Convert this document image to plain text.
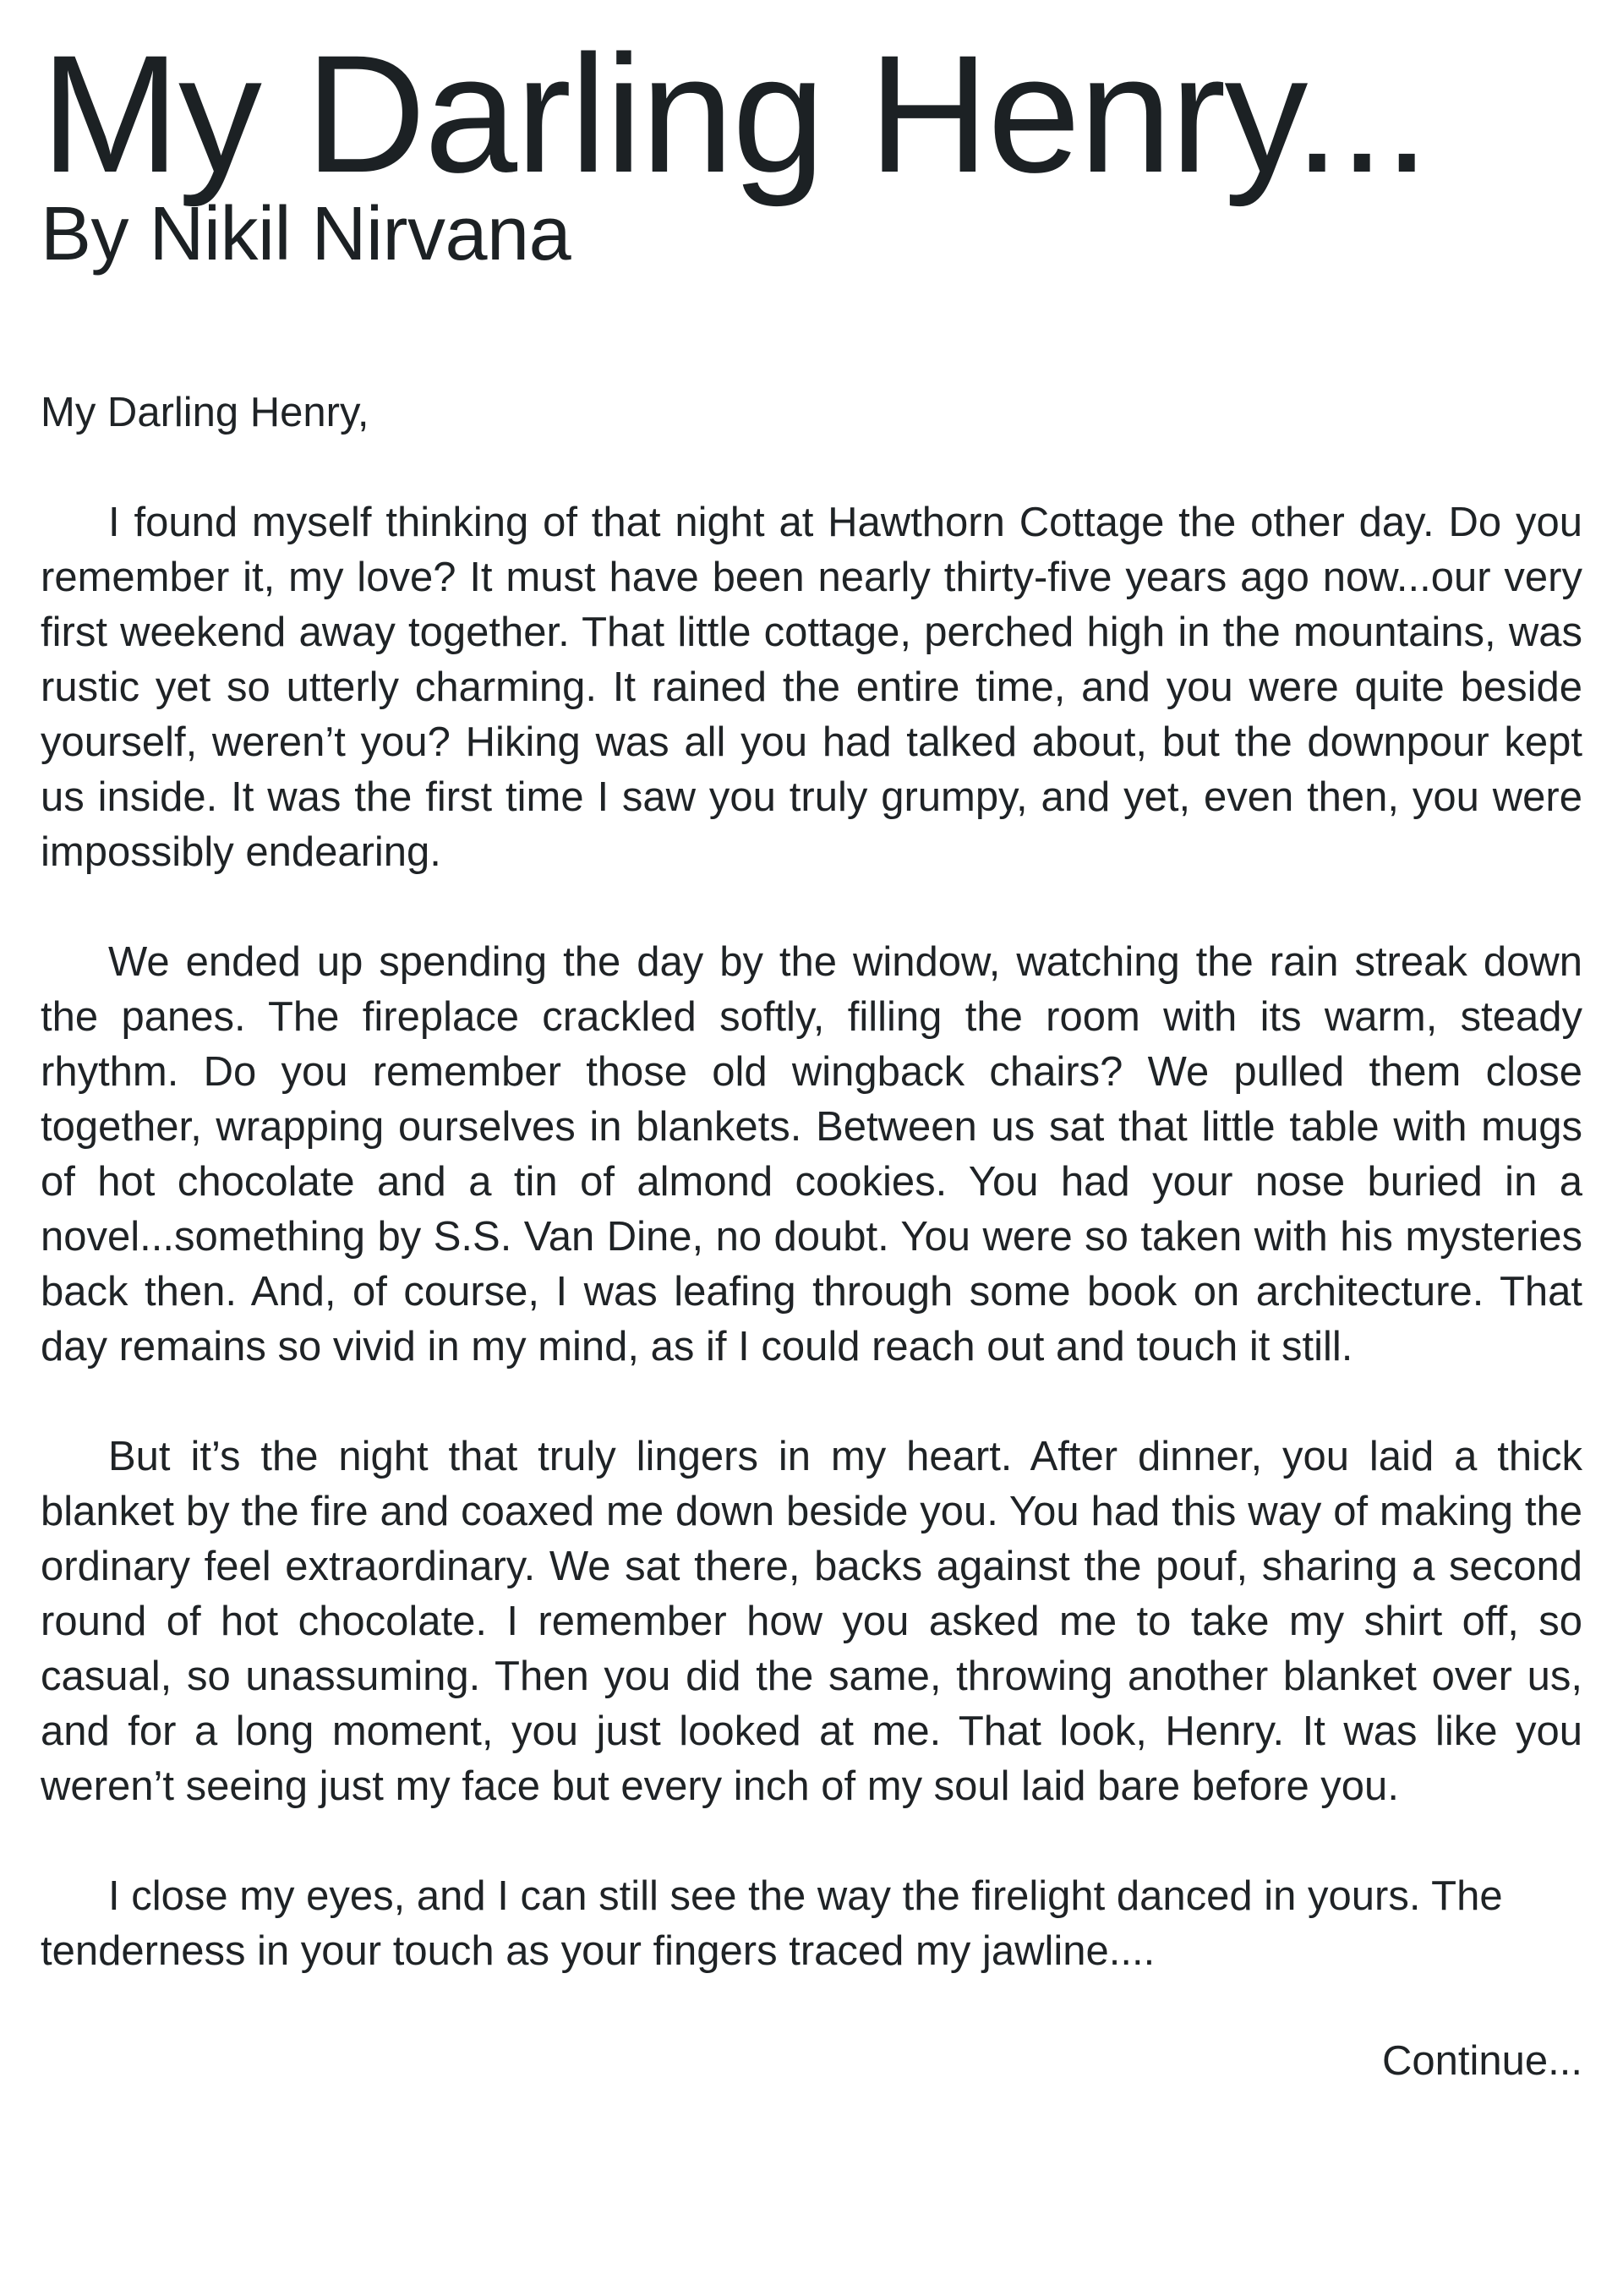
My Darling Henry...
By Nikil Nirvana

My Darling Henry,

I found myself thinking of that night at Hawthorn Cottage the other day. Do you remember it, my love? It must have been nearly thirty-five years ago now...our very first weekend away together. That little cottage, perched high in the mountains, was rustic yet so utterly charming. It rained the entire time, and you were quite beside yourself, weren’t you? Hiking was all you had talked about, but the downpour kept us inside. It was the first time I saw you truly grumpy, and yet, even then, you were impossibly endearing.

We ended up spending the day by the window, watching the rain streak down the panes. The fireplace crackled softly, filling the room with its warm, steady rhythm. Do you remember those old wingback chairs? We pulled them close together, wrapping ourselves in blankets. Between us sat that little table with mugs of hot chocolate and a tin of almond cookies. You had your nose buried in a novel...something by S.S. Van Dine, no doubt. You were so taken with his mysteries back then. And, of course, I was leafing through some book on architecture. That day remains so vivid in my mind, as if I could reach out and touch it still.

But it’s the night that truly lingers in my heart. After dinner, you laid a thick blanket by the fire and coaxed me down beside you. You had this way of making the ordinary feel extraordinary. We sat there, backs against the pouf, sharing a second round of hot chocolate. I remember how you asked me to take my shirt off, so casual, so unassuming. Then you did the same, throwing another blanket over us, and for a long moment, you just looked at me. That look, Henry. It was like you weren’t seeing just my face but every inch of my soul laid bare before you.

I close my eyes, and I can still see the way the firelight danced in yours. The tenderness in your touch as your fingers traced my jawline....

Continue...
